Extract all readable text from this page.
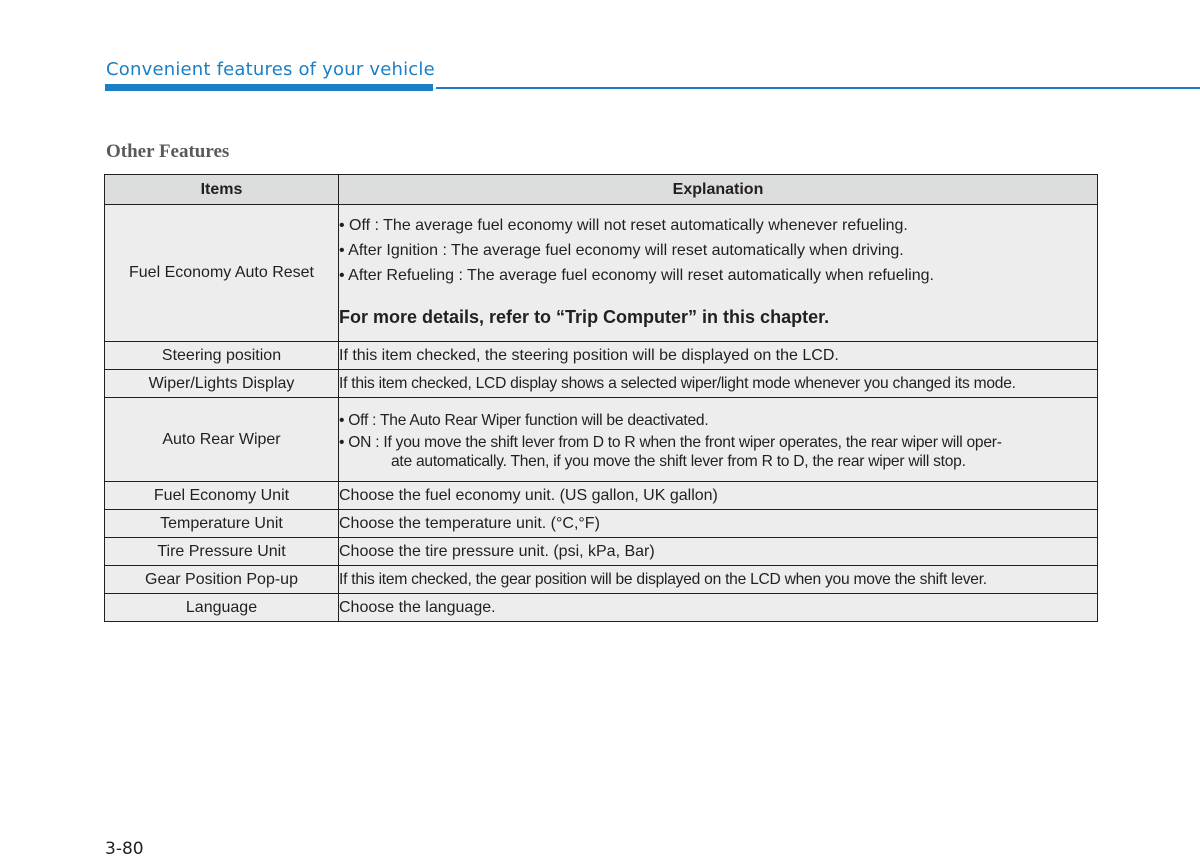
Convenient features of your vehicle
Other Features
Items	Explanation
Fuel Economy Auto Reset	• Off : The average fuel economy will not reset automatically whenever refueling.
• After Ignition : The average fuel economy will reset automatically when driving.
• After Refueling : The average fuel economy will reset automatically when refueling.
For more details, refer to “Trip Computer” in this chapter.

Steering position	If this item checked, the steering position will be displayed on the LCD.
Wiper/Lights Display	If this item checked, LCD display shows a selected wiper/light mode whenever you changed its mode.
Auto Rear Wiper	• Off : The Auto Rear Wiper function will be deactivated.
• ON : If you move the shift lever from D to R when the front wiper operates, the rear wiper will oper-
ate automatically. Then, if you move the shift lever from R to D, the rear wiper will stop.

Fuel Economy Unit	Choose the fuel economy unit. (US gallon, UK gallon)
Temperature Unit	Choose the temperature unit. (°C,°F)
Tire Pressure Unit	Choose the tire pressure unit. (psi, kPa, Bar)
Gear Position Pop-up	If this item checked, the gear position will be displayed on the LCD when you move the shift lever.
Language	Choose the language.
3-80
